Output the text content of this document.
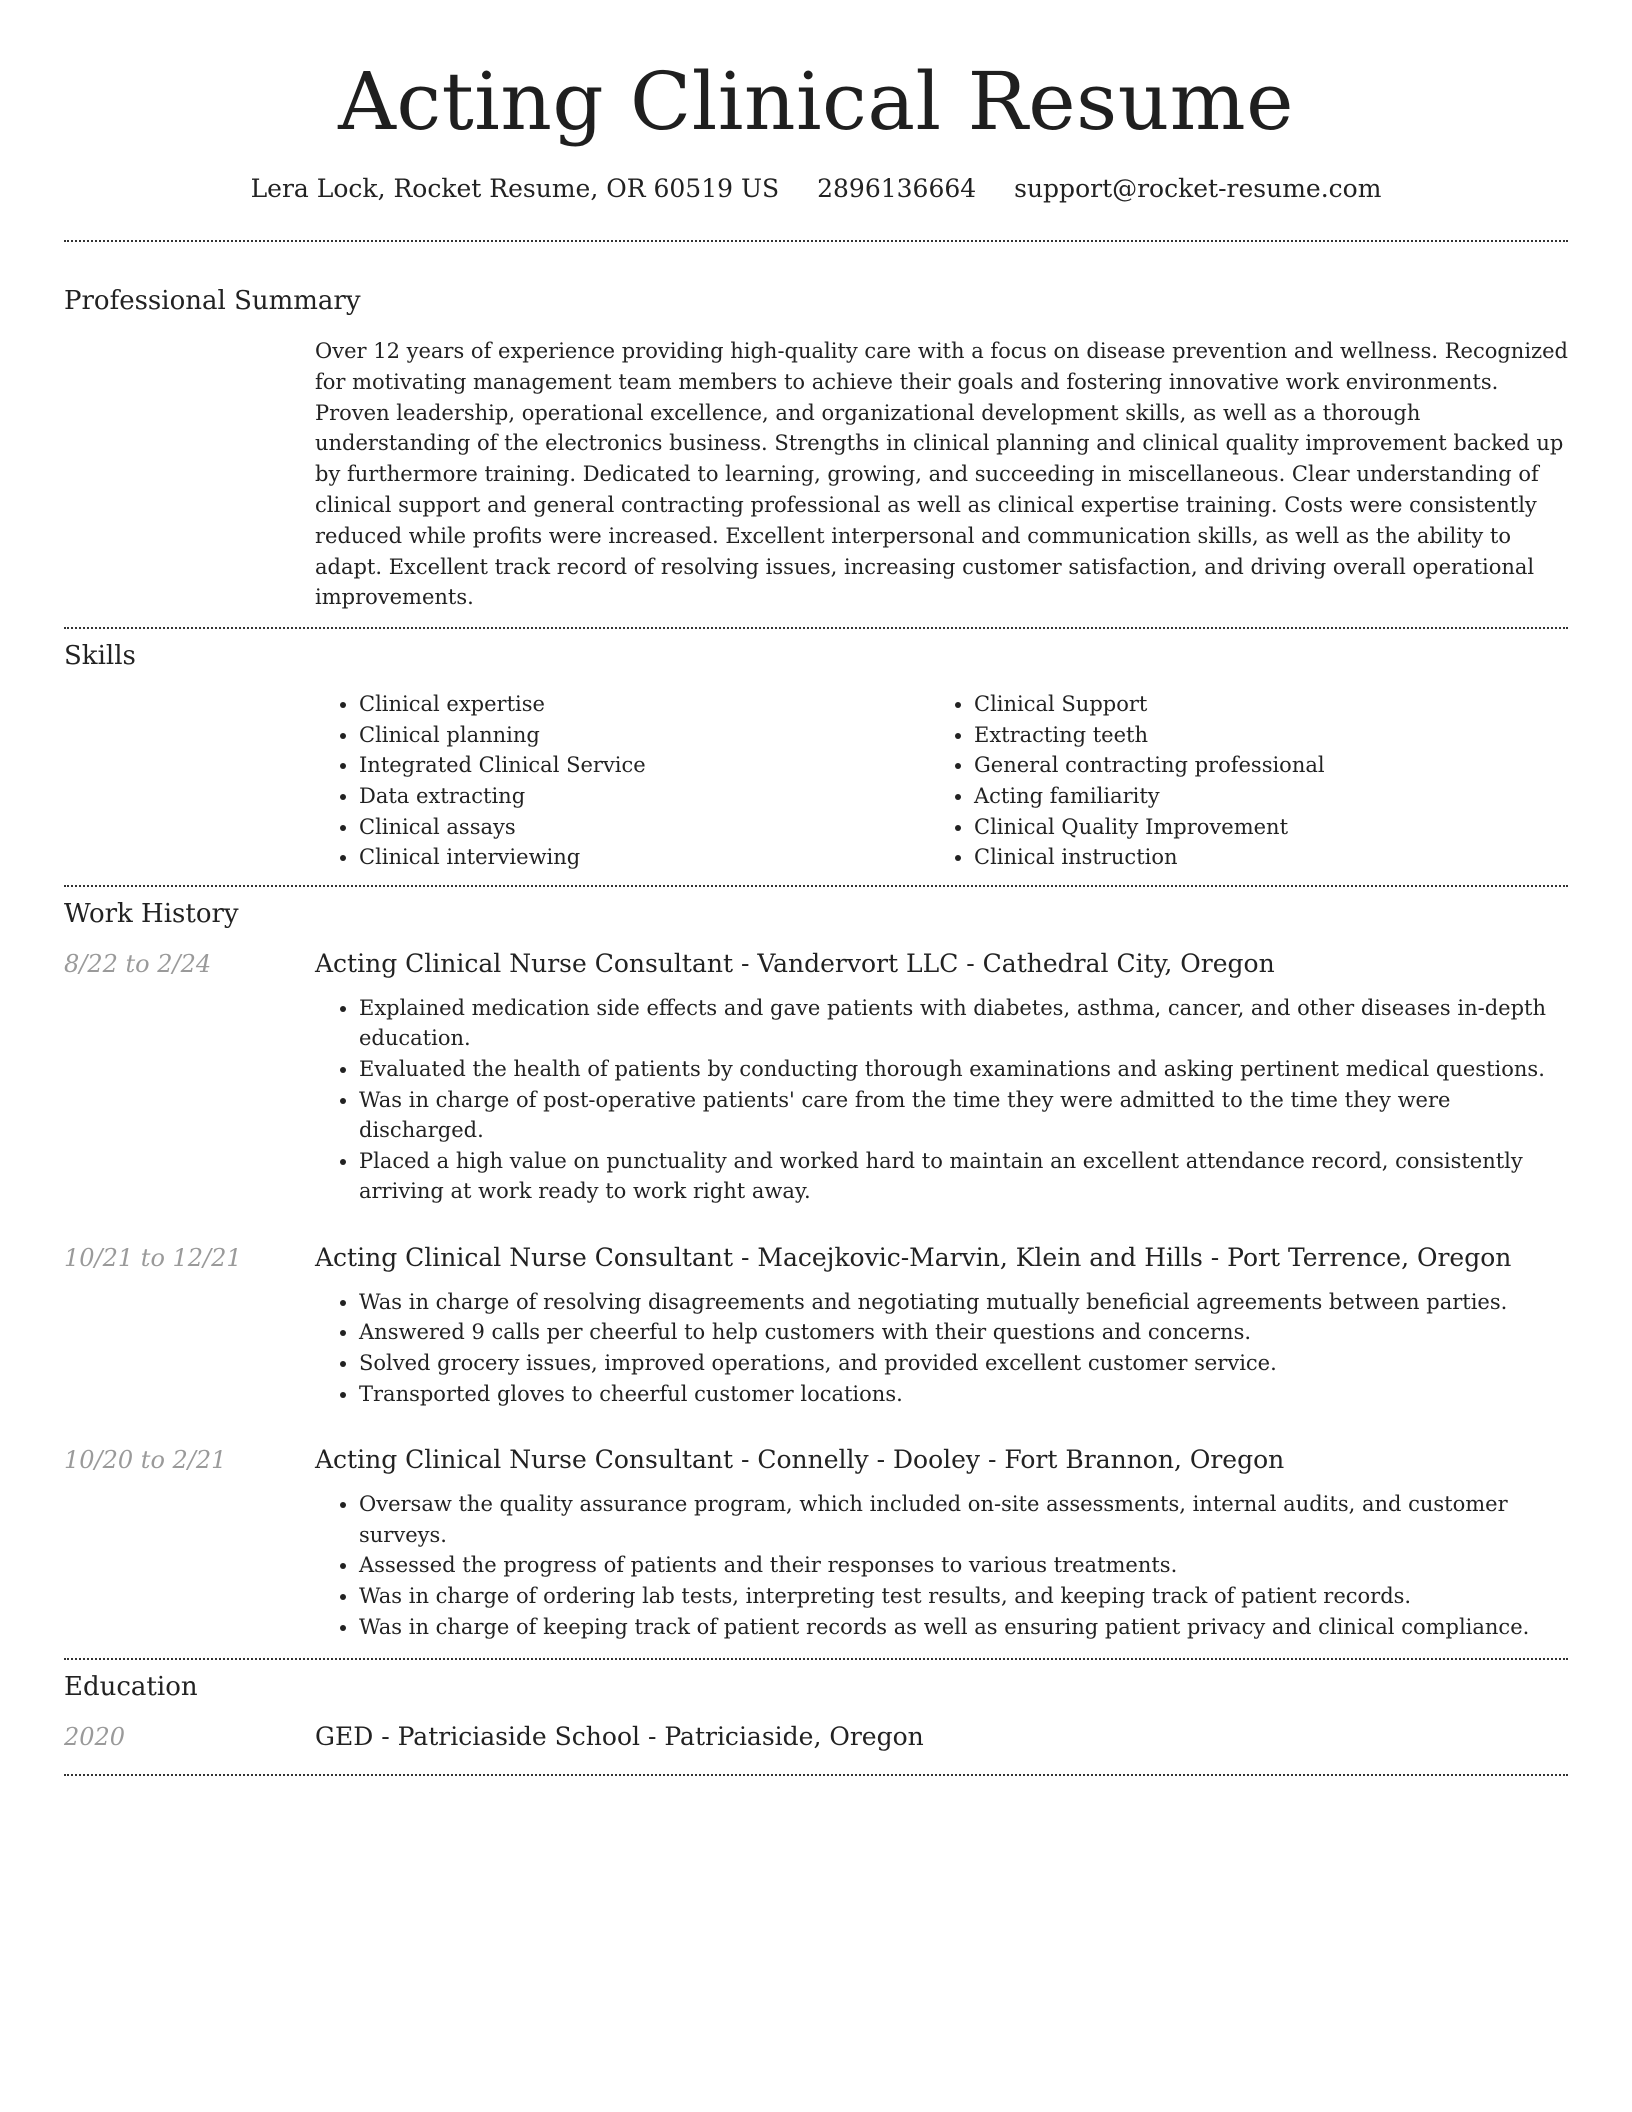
Acting Clinical Resume
Lera Lock, Rocket Resume, OR 60519 US 2896136664 support@rocket-resume.com
Professional Summary
Over 12 years of experience providing high-quality care with a focus on disease prevention and wellness. Recognized for motivating management team members to achieve their goals and fostering innovative work environments. Proven leadership, operational excellence, and organizational development skills, as well as a thorough understanding of the electronics business. Strengths in clinical planning and clinical quality improvement backed up by furthermore training. Dedicated to learning, growing, and succeeding in miscellaneous. Clear understanding of clinical support and general contracting professional as well as clinical expertise training. Costs were consistently reduced while profits were increased. Excellent interpersonal and communication skills, as well as the ability to adapt. Excellent track record of resolving issues, increasing customer satisfaction, and driving overall operational improvements.
Skills
• Clinical expertise
• Clinical planning
• Integrated Clinical Service
• Data extracting
• Clinical assays
• Clinical interviewing
• Clinical Support
• Extracting teeth
• General contracting professional
• Acting familiarity
• Clinical Quality Improvement
• Clinical instruction
Work History
8/22 to 2/24	Acting Clinical Nurse Consultant - Vandervort LLC - Cathedral City, Oregon
• Explained medication side effects and gave patients with diabetes, asthma, cancer, and other diseases in-depth education.
• Evaluated the health of patients by conducting thorough examinations and asking pertinent medical questions.
• Was in charge of post-operative patients' care from the time they were admitted to the time they were discharged.
• Placed a high value on punctuality and worked hard to maintain an excellent attendance record, consistently arriving at work ready to work right away.
10/21 to 12/21	Acting Clinical Nurse Consultant - Macejkovic-Marvin, Klein and Hills - Port Terrence, Oregon
• Was in charge of resolving disagreements and negotiating mutually beneficial agreements between parties.
• Answered 9 calls per cheerful to help customers with their questions and concerns.
• Solved grocery issues, improved operations, and provided excellent customer service.
• Transported gloves to cheerful customer locations.
10/20 to 2/21	Acting Clinical Nurse Consultant - Connelly - Dooley - Fort Brannon, Oregon
• Oversaw the quality assurance program, which included on-site assessments, internal audits, and customer surveys.
• Assessed the progress of patients and their responses to various treatments.
• Was in charge of ordering lab tests, interpreting test results, and keeping track of patient records.
• Was in charge of keeping track of patient records as well as ensuring patient privacy and clinical compliance.
Education
2020	GED - Patriciaside School - Patriciaside, Oregon
